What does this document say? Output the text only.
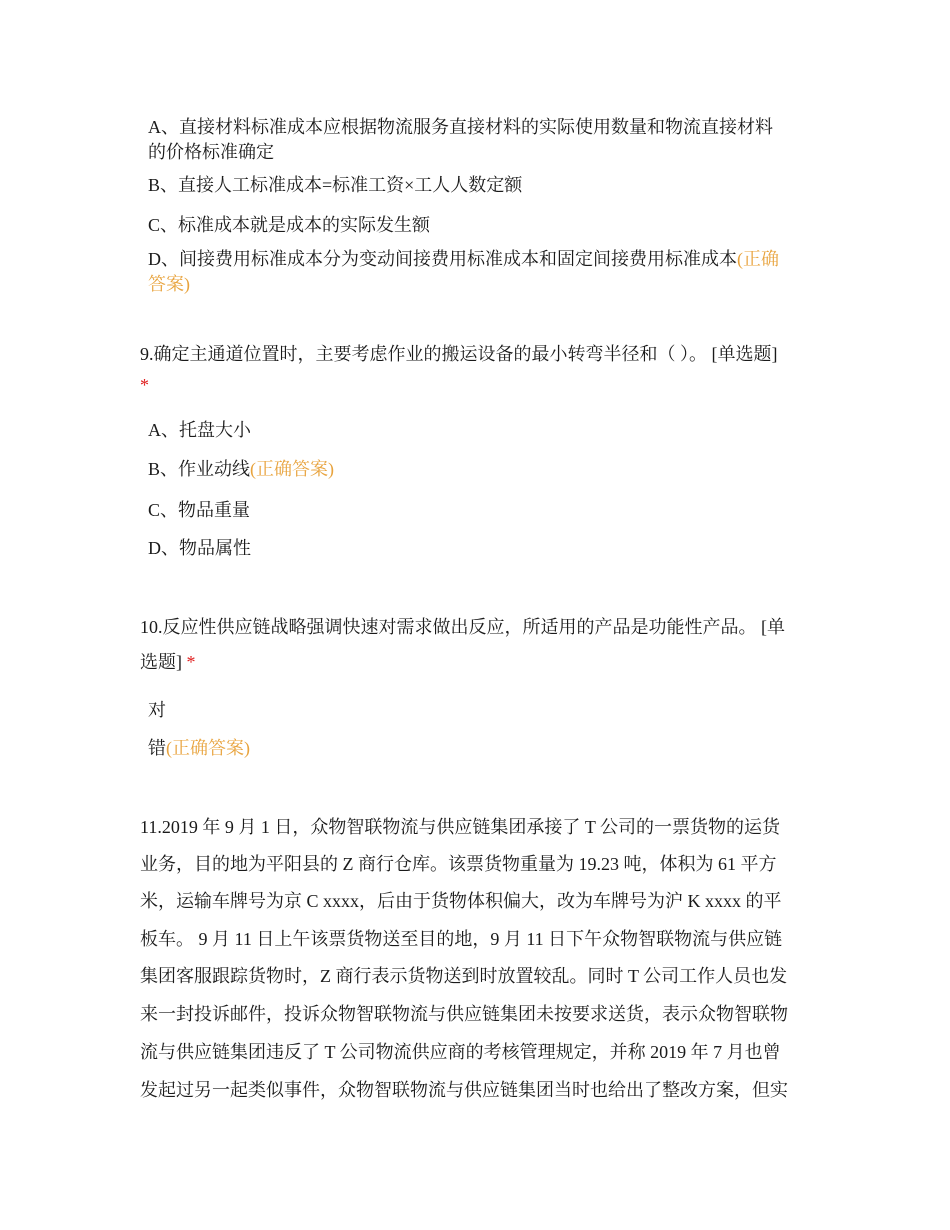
A、直接材料标准成本应根据物流服务直接材料的实际使用数量和物流直接材料
的价格标准确定
B、直接人工标准成本=标准工资×工人人数定额
C、标准成本就是成本的实际发生额
D、间接费用标准成本分为变动间接费用标准成本和固定间接费用标准成本(正确
答案)
9.确定主通道位置时，主要考虑作业的搬运设备的最小转弯半径和（ ）。 [单选题]
*
A、托盘大小
B、作业动线(正确答案)
C、物品重量
D、物品属性
10.反应性供应链战略强调快速对需求做出反应，所适用的产品是功能性产品。 [单
选题] *
对
错(正确答案)
11.2019 年 9 月 1 日，众物智联物流与供应链集团承接了 T 公司的一票货物的运货
业务，目的地为平阳县的 Z 商行仓库。该票货物重量为 19.23 吨，体积为 61 平方
米，运输车牌号为京 C xxxx，后由于货物体积偏大，改为车牌号为沪 K xxxx 的平
板车。 9 月 11 日上午该票货物送至目的地，9 月 11 日下午众物智联物流与供应链
集团客服跟踪货物时，Z 商行表示货物送到时放置较乱。同时 T 公司工作人员也发
来一封投诉邮件，投诉众物智联物流与供应链集团未按要求送货，表示众物智联物
流与供应链集团违反了 T 公司物流供应商的考核管理规定，并称 2019 年 7 月也曾
发起过另一起类似事件，众物智联物流与供应链集团当时也给出了整改方案，但实
